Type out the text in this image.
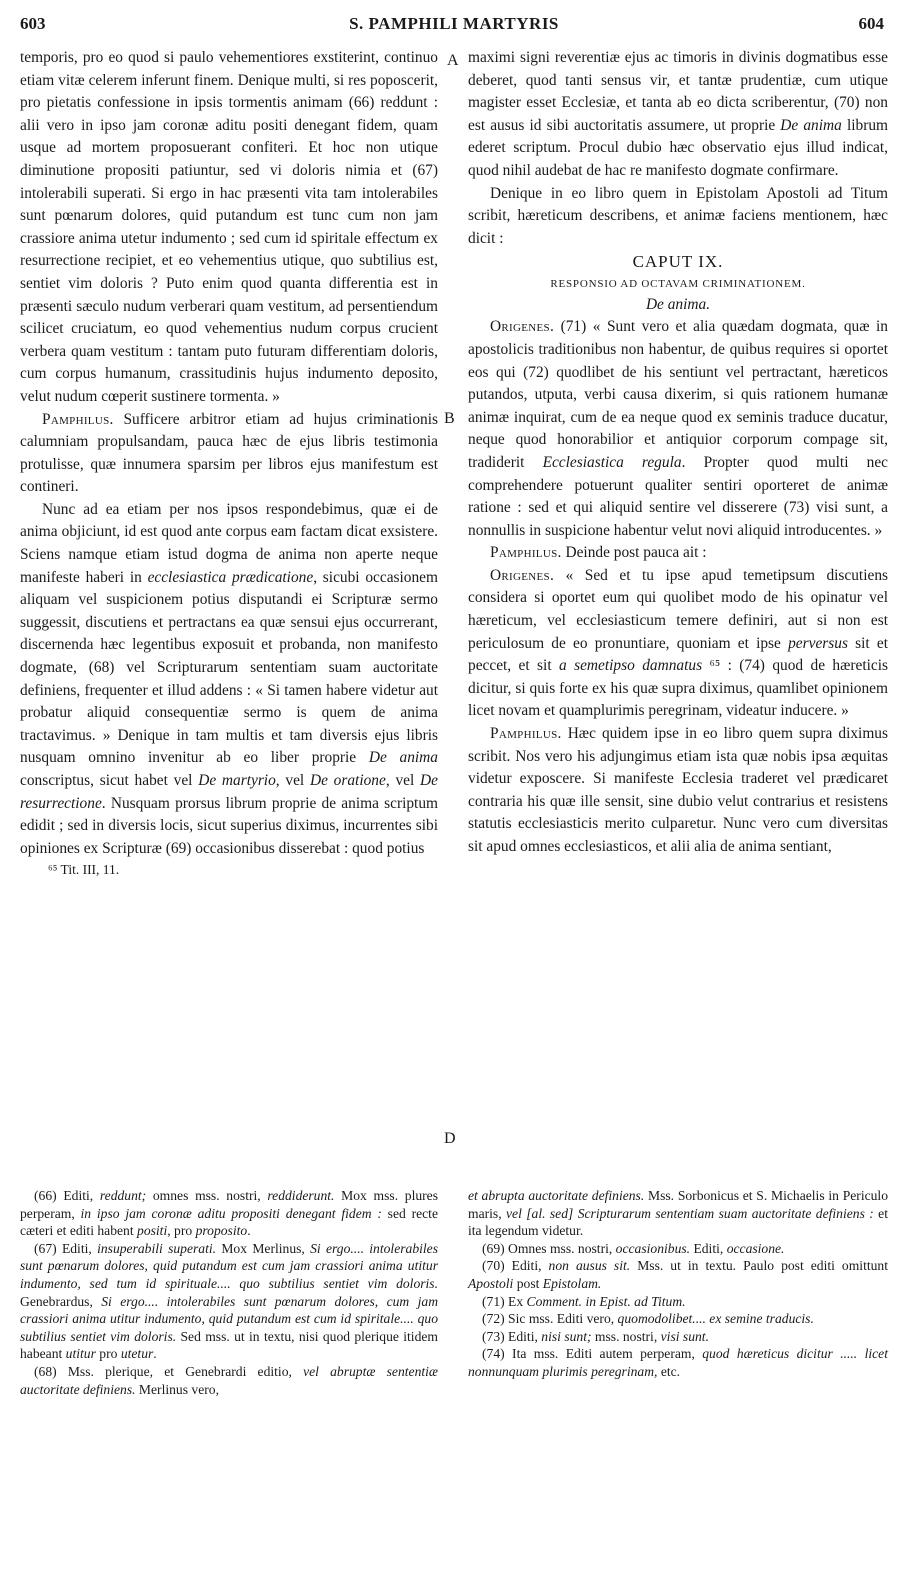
603	S. PAMPHILI MARTYRIS	604
A
B
D

temporis, pro eo quod si paulo vehementiores exstiterint, continuo etiam vitæ celerem inferunt finem. Denique multi, si res poposcerit, pro pietatis confessione in ipsis tormentis animam (66) reddunt : alii vero in ipso jam coronæ aditu positi denegant fidem, quam usque ad mortem proposuerant confiteri. Et hoc non utique diminutione propositi patiuntur, sed vi doloris nimia et (67) intolerabili superati. Si ergo in hac præsenti vita tam intolerabiles sunt pœnarum dolores, quid putandum est tunc cum non jam crassiore anima utetur indumento ; sed cum id spiritale effectum ex resurrectione recipiet, et eo vehementius utique, quo subtilius est, sentiet vim doloris ? Puto enim quod quanta differentia est in præsenti sæculo nudum verberari quam vestitum, ad persentiendum scilicet cruciatum, eo quod vehementius nudum corpus crucient verbera quam vestitum : tantam puto futuram differentiam doloris, cum corpus humanum, crassitudinis hujus indumento deposito, velut nudum cœperit sustinere tormenta. »

Pamphilus. Sufficere arbitror etiam ad hujus criminationis calumniam propulsandam, pauca hæc de ejus libris testimonia protulisse, quæ innumera sparsim per libros ejus manifestum est contineri.

Nunc ad ea etiam per nos ipsos respondebimus, quæ ei de anima objiciunt, id est quod ante corpus eam factam dicat exsistere. Sciens namque etiam istud dogma de anima non aperte neque manifeste haberi in ecclesiastica prædicatione, sicubi occasionem aliquam vel suspicionem potius disputandi ei Scripturæ sermo suggessit, discutiens et pertractans ea quæ sensui ejus occurrerant, discernenda hæc legentibus exposuit et probanda, non manifesto dogmate, (68) vel Scripturarum sententiam suam auctoritate definiens, frequenter et illud addens : « Si tamen habere videtur aut probatur aliquid consequentiæ sermo is quem de anima tractavimus. » Denique in tam multis et tam diversis ejus libris nusquam omnino invenitur ab eo liber proprie De anima conscriptus, sicut habet vel De martyrio, vel De oratione, vel De resurrectione. Nusquam prorsus librum proprie de anima scriptum edidit ; sed in diversis locis, sicut superius diximus, incurrentes sibi opiniones ex Scripturæ (69) occasionibus disserebat : quod potius

⁶⁵ Tit. III, 11.

maximi signi reverentiæ ejus ac timoris in divinis dogmatibus esse deberet, quod tanti sensus vir, et tantæ prudentiæ, cum utique magister esset Ecclesiæ, et tanta ab eo dicta scriberentur, (70) non est ausus id sibi auctoritatis assumere, ut proprie De anima librum ederet scriptum. Procul dubio hæc observatio ejus illud indicat, quod nihil audebat de hac re manifesto dogmate confirmare.

Denique in eo libro quem in Epistolam Apostoli ad Titum scribit, hæreticum describens, et animæ faciens mentionem, hæc dicit :

CAPUT IX.

RESPONSIO AD OCTAVAM CRIMINATIONEM.

De anima.

Origenes. (71) « Sunt vero et alia quædam dogmata, quæ in apostolicis traditionibus non habentur, de quibus requires si oportet eos qui (72) quodlibet de his sentiunt vel pertractant, hæreticos putandos, utputa, verbi causa dixerim, si quis rationem humanæ animæ inquirat, cum de ea neque quod ex seminis traduce ducatur, neque quod honorabilior et antiquior corporum compage sit, tradiderit Ecclesiastica regula. Propter quod multi nec comprehendere potuerunt qualiter sentiri oporteret de animæ ratione : sed et qui aliquid sentire vel disserere (73) visi sunt, a nonnullis in suspicione habentur velut novi aliquid introducentes. »

Pamphilus. Deinde post pauca ait :

Origenes. « Sed et tu ipse apud temetipsum discutiens considera si oportet eum qui quolibet modo de his opinatur vel hæreticum, vel ecclesiasticum temere definiri, aut si non est periculosum de eo pronuntiare, quoniam et ipse perversus sit et peccet, et sit a semetipso damnatus ⁶⁵ : (74) quod de hæreticis dicitur, si quis forte ex his quæ supra diximus, quamlibet opinionem licet novam et quamplurimis peregrinam, videatur inducere. »

Pamphilus. Hæc quidem ipse in eo libro quem supra diximus scribit. Nos vero his adjungimus etiam ista quæ nobis ipsa æquitas videtur exposcere. Si manifeste Ecclesia traderet vel prædicaret contraria his quæ ille sensit, sine dubio velut contrarius et resistens statutis ecclesiasticis merito culparetur. Nunc vero cum diversitas sit apud omnes ecclesiasticos, et alii alia de anima sentiant,

(66) Editi, reddunt; omnes mss. nostri, reddiderunt. Mox mss. plures perperam, in ipso jam coronæ aditu propositi denegant fidem : sed recte cæteri et editi habent positi, pro proposito.

(67) Editi, insuperabili superati. Mox Merlinus, Si ergo.... intolerabiles sunt pœnarum dolores, quid putandum est cum jam crassiori anima utitur indumento, sed tum id spirituale.... quo subtilius sentiet vim doloris. Genebrardus, Si ergo.... intolerabiles sunt pœnarum dolores, cum jam crassiori anima utitur indumento, quid putandum est cum id spiritale.... quo subtilius sentiet vim doloris. Sed mss. ut in textu, nisi quod plerique itidem habeant utitur pro utetur.

(68) Mss. plerique, et Genebrardi editio, vel abruptæ sententiæ auctoritate definiens. Merlinus vero,

et abrupta auctoritate definiens. Mss. Sorbonicus et S. Michaelis in Periculo maris, vel [al. sed] Scripturarum sententiam suam auctoritate definiens : et ita legendum videtur.

(69) Omnes mss. nostri, occasionibus. Editi, occasione.

(70) Editi, non ausus sit. Mss. ut in textu. Paulo post editi omittunt Apostoli post Epistolam.

(71) Ex Comment. in Epist. ad Titum.

(72) Sic mss. Editi vero, quomodolibet.... ex semine traducis.

(73) Editi, nisi sunt; mss. nostri, visi sunt.

(74) Ita mss. Editi autem perperam, quod hæreticus dicitur ..... licet nonnunquam plurimis peregrinam, etc.
